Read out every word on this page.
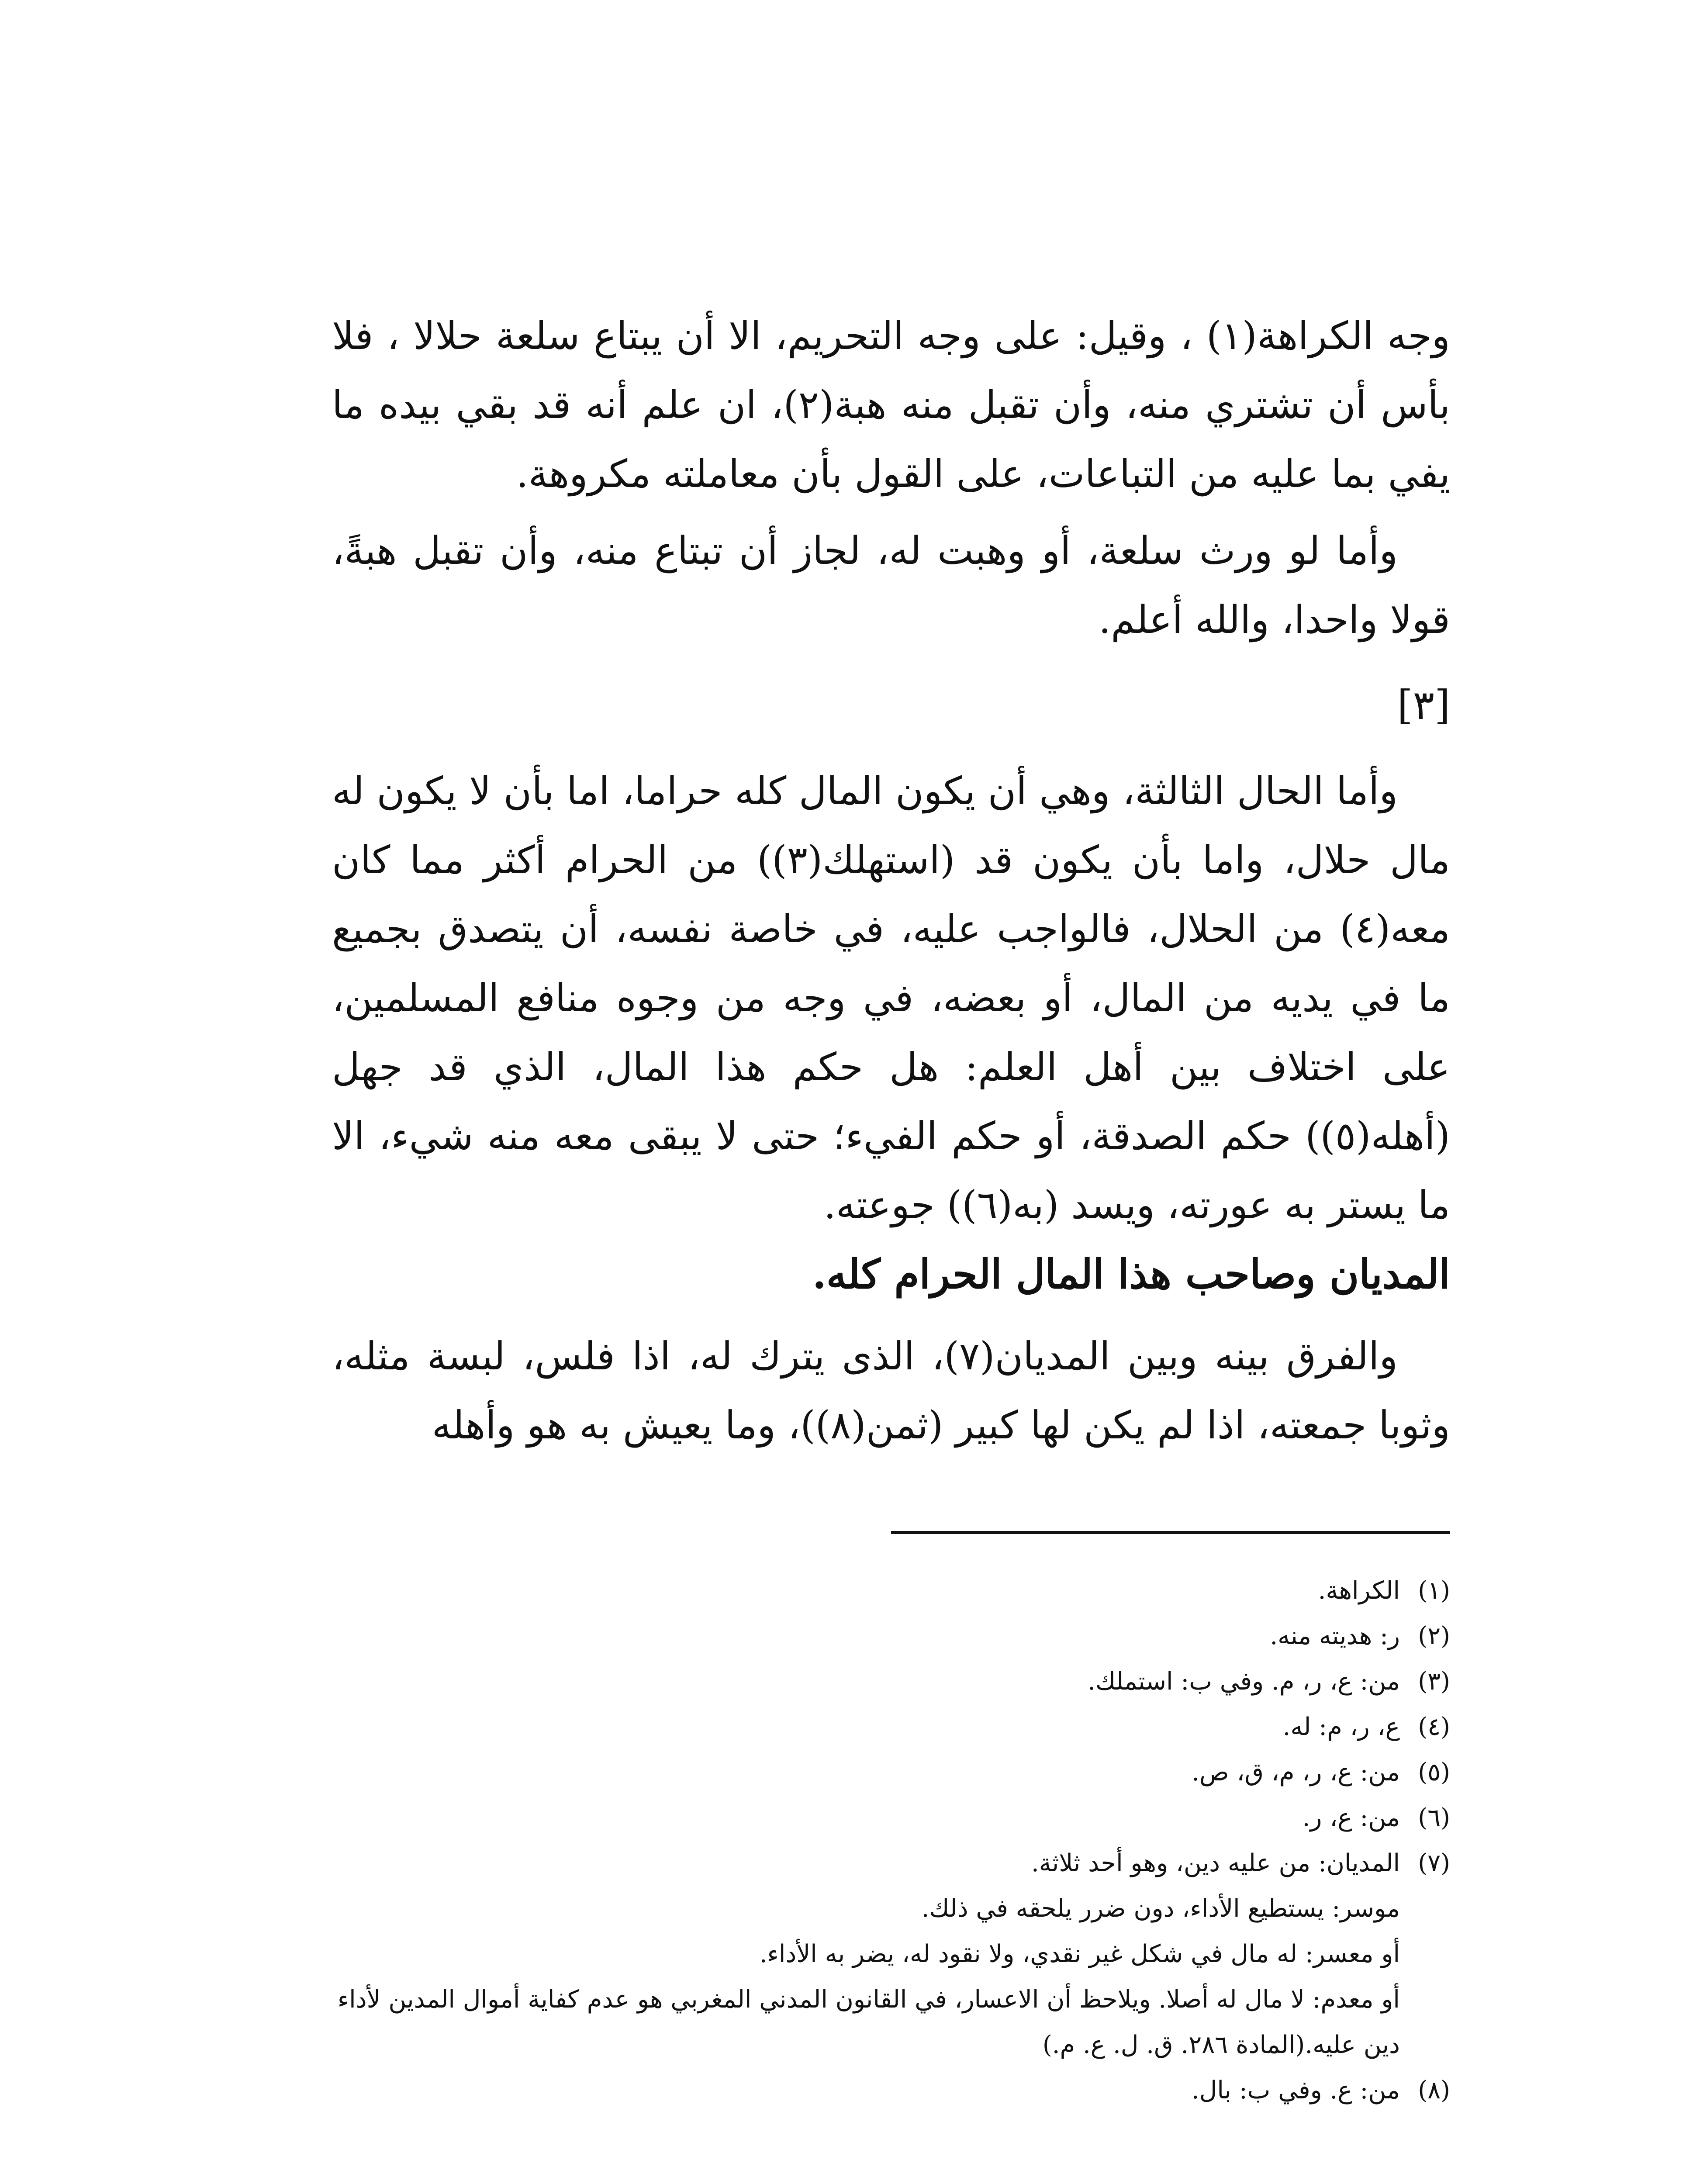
وجه الكراهة(١) ، وقيل: على وجه التحريم، الا أن يبتاع سلعة حلالا ، فلا بأس أن تشتري منه، وأن تقبل منه هبة(٢)، ان علم أنه قد بقي بيده ما يفي بما عليه من التباعات، على القول بأن معاملته مكروهة.

وأما لو ورث سلعة، أو وهبت له، لجاز أن تبتاع منه، وأن تقبل هبةً، قولا واحدا، والله أعلم.

[٣]

وأما الحال الثالثة، وهي أن يكون المال كله حراما، اما بأن لا يكون له مال حلال، واما بأن يكون قد (استهلك(٣)) من الحرام أكثر مما كان معه(٤) من الحلال، فالواجب عليه، في خاصة نفسه، أن يتصدق بجميع ما في يديه من المال، أو بعضه، في وجه من وجوه منافع المسلمين، على اختلاف بين أهل العلم: هل حكم هذا المال، الذي قد جهل (أهله(٥)) حكم الصدقة، أو حكم الفيء؛ حتى لا يبقى معه منه شيء، الا ما يستر به عورته، ويسد (به(٦)) جوعته.

المديان وصاحب هذا المال الحرام كله.

والفرق بينه وبين المديان(٧)، الذى يترك له، اذا فلس، لبسة مثله، وثوبا جمعته، اذا لم يكن لها كبير (ثمن(٨))، وما يعيش به هو وأهله

(١)الكراهة.

(٢)ر: هديته منه.

(٣)من: ع، ر، م. وفي ب: استملك.

(٤)ع، ر، م: له.

(٥)من: ع، ر، م، ق، ص.

(٦)من: ع، ر.

(٧)المديان: من عليه دين، وهو أحد ثلاثة.

موسر: يستطيع الأداء، دون ضرر يلحقه في ذلك.

أو معسر: له مال في شكل غير نقدي، ولا نقود له، يضر به الأداء.

أو معدم: لا مال له أصلا. ويلاحظ أن الاعسار، في القانون المدني المغربي هو عدم كفاية أموال المدين لأداء دين عليه.(المادة ٢٨٦. ق. ل. ع. م.)

(٨)من: ع. وفي ب: بال.
